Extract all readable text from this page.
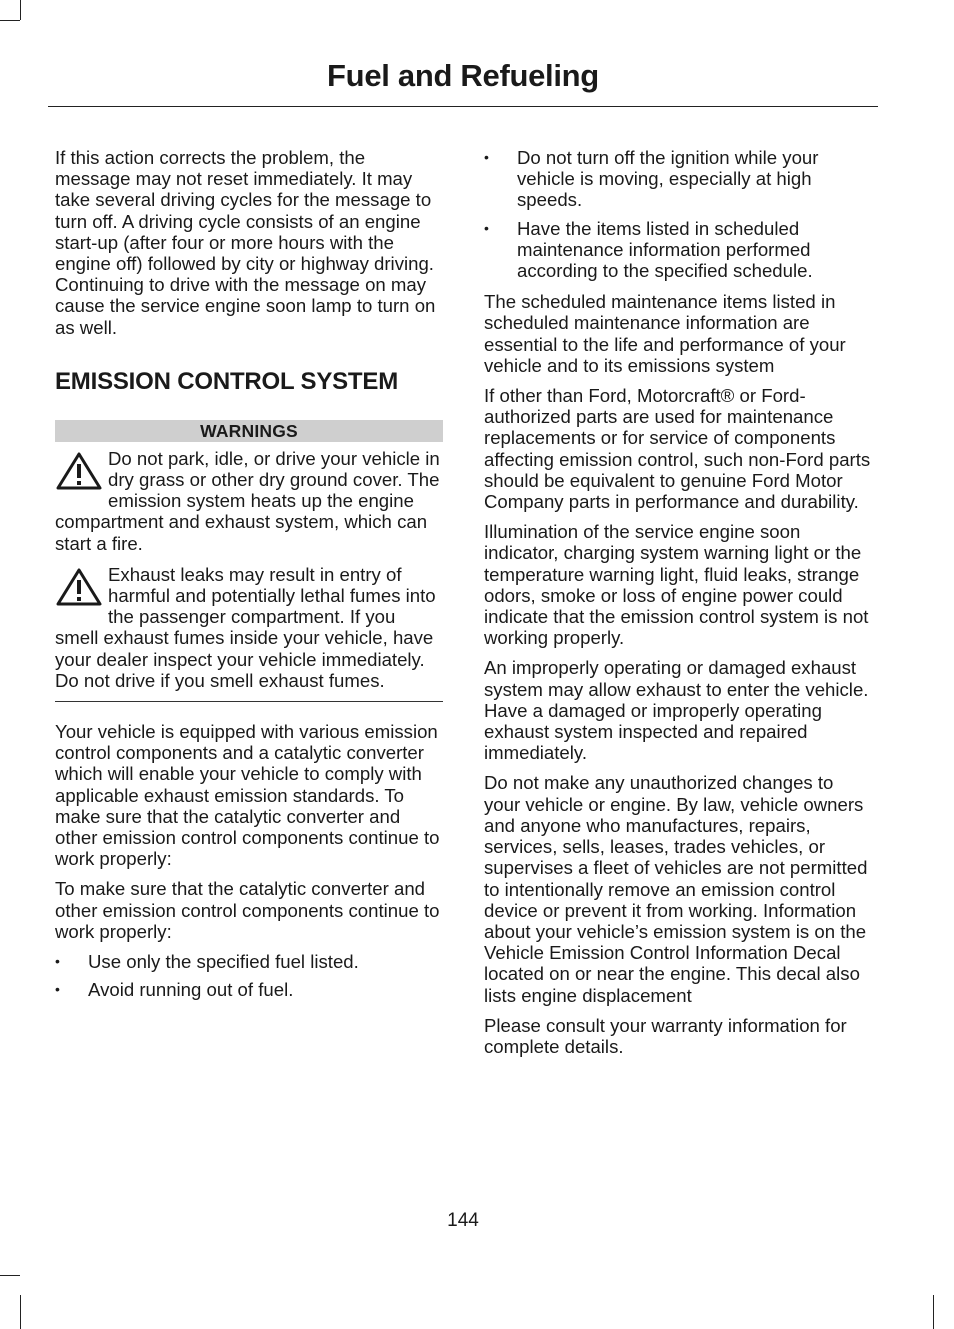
Fuel and Refueling

If this action corrects the problem, the message may not reset immediately. It may take several driving cycles for the message to turn off. A driving cycle consists of an engine start-up (after four or more hours with the engine off) followed by city or highway driving. Continuing to drive with the message on may cause the service engine soon lamp to turn on as well.

EMISSION CONTROL SYSTEM
WARNINGS

Do not park, idle, or drive your vehicle in dry grass or other dry ground cover. The emission system heats up the engine compartment and exhaust system, which can start a fire.

Exhaust leaks may result in entry of harmful and potentially lethal fumes into the passenger compartment. If you smell exhaust fumes inside your vehicle, have your dealer inspect your vehicle immediately. Do not drive if you smell exhaust fumes.

Your vehicle is equipped with various emission control components and a catalytic converter which will enable your vehicle to comply with applicable exhaust emission standards. To make sure that the catalytic converter and other emission control components continue to work properly:

To make sure that the catalytic converter and other emission control components continue to work properly:

• Use only the specified fuel listed.
• Avoid running out of fuel.
• Do not turn off the ignition while your vehicle is moving, especially at high speeds.
• Have the items listed in scheduled maintenance information performed according to the specified schedule.

The scheduled maintenance items listed in scheduled maintenance information are essential to the life and performance of your vehicle and to its emissions system

If other than Ford, Motorcraft® or Ford-authorized parts are used for maintenance replacements or for service of components affecting emission control, such non-Ford parts should be equivalent to genuine Ford Motor Company parts in performance and durability.

Illumination of the service engine soon indicator, charging system warning light or the temperature warning light, fluid leaks, strange odors, smoke or loss of engine power could indicate that the emission control system is not working properly.

An improperly operating or damaged exhaust system may allow exhaust to enter the vehicle. Have a damaged or improperly operating exhaust system inspected and repaired immediately.

Do not make any unauthorized changes to your vehicle or engine. By law, vehicle owners and anyone who manufactures, repairs, services, sells, leases, trades vehicles, or supervises a fleet of vehicles are not permitted to intentionally remove an emission control device or prevent it from working. Information about your vehicle’s emission system is on the Vehicle Emission Control Information Decal located on or near the engine. This decal also lists engine displacement

Please consult your warranty information for complete details.

144
